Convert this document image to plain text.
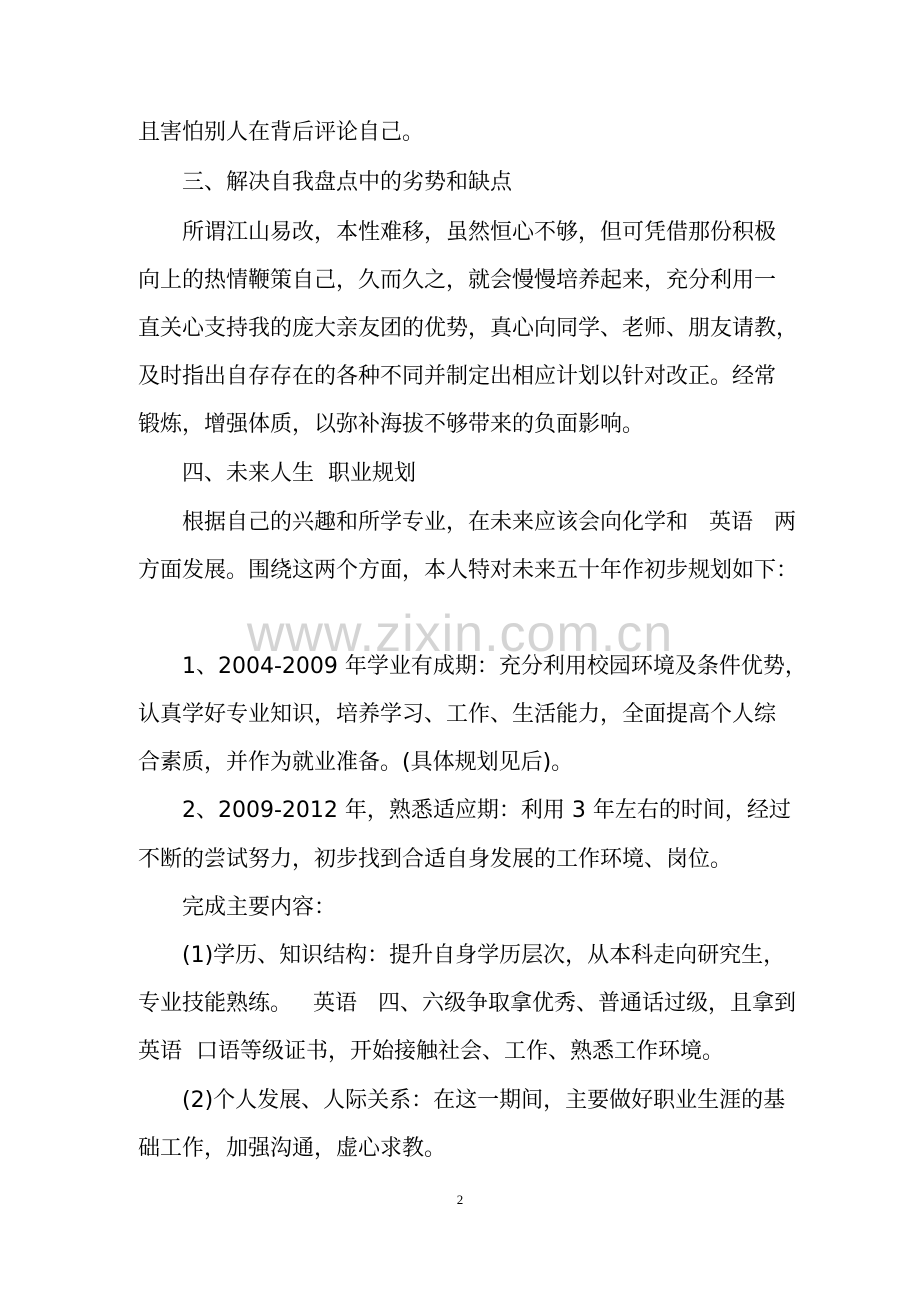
且害怕别人在背后评论自己。

三、解决自我盘点中的劣势和缺点

所谓江山易改，本性难移，虽然恒心不够，但可凭借那份积极

向上的热情鞭策自己，久而久之，就会慢慢培养起来，充分利用一

直关心支持我的庞大亲友团的优势，真心向同学、老师、朋友请教，

及时指出自存存在的各种不同并制定出相应计划以针对改正。经常

锻炼，增强体质，以弥补海拔不够带来的负面影响。

四、未来人生  职业规划

根据自己的兴趣和所学专业，在未来应该会向化学和   英语   两

方面发展。围绕这两个方面，本人特对未来五十年作初步规划如下：

www.zixin.com.cn

1、2004-2009 年学业有成期：充分利用校园环境及条件优势，

认真学好专业知识，培养学习、工作、生活能力，全面提高个人综

合素质，并作为就业准备。(具体规划见后)。

2、2009-2012 年，熟悉适应期：利用 3 年左右的时间，经过

不断的尝试努力，初步找到合适自身发展的工作环境、岗位。

完成主要内容：

(1)学历、知识结构：提升自身学历层次，从本科走向研究生，

专业技能熟练。   英语   四、六级争取拿优秀、普通话过级，且拿到

英语  口语等级证书，开始接触社会、工作、熟悉工作环境。

(2)个人发展、人际关系：在这一期间，主要做好职业生涯的基

础工作，加强沟通，虚心求教。

2
